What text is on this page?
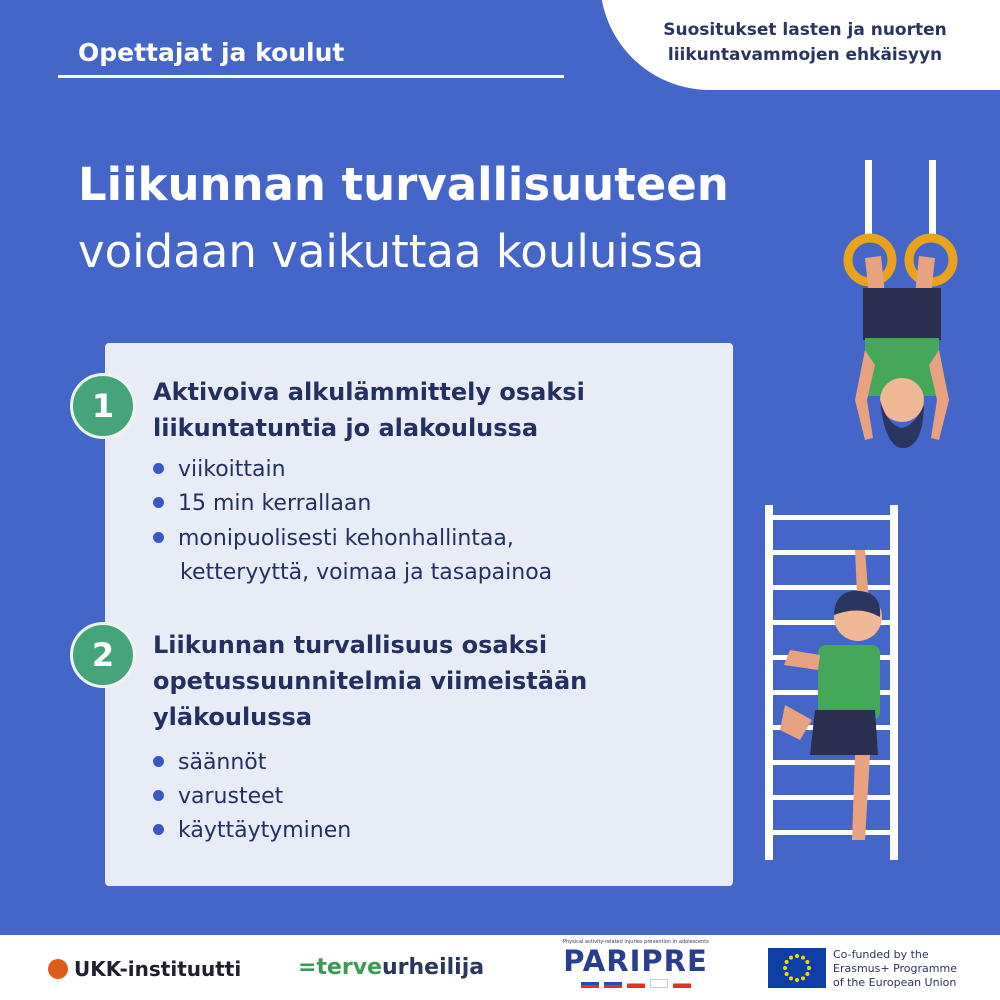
Opettajat ja koulut
Suositukset lasten ja nuorten
liikuntavammojen ehkäisyyn
Liikunnan turvallisuuteen
voidaan vaikuttaa kouluissa
1	Aktivoiva alkulämmittely osaksi
liikuntatuntia jo alakoulussa
viikoittain
15 min kerrallaan
monipuolisesti kehonhallintaa,
ketteryyttä, voimaa ja tasapainoa
2	Liikunnan turvallisuus osaksi
opetussuunnitelmia viimeistään
yläkoulussa
säännöt
varusteet
käyttäytyminen
UKK-instituutti	=terveurheilija
Physical activity-related injuries prevention in adolescents
PARIPRE	Co-funded by the
Erasmus+ Programme
of the European Union
